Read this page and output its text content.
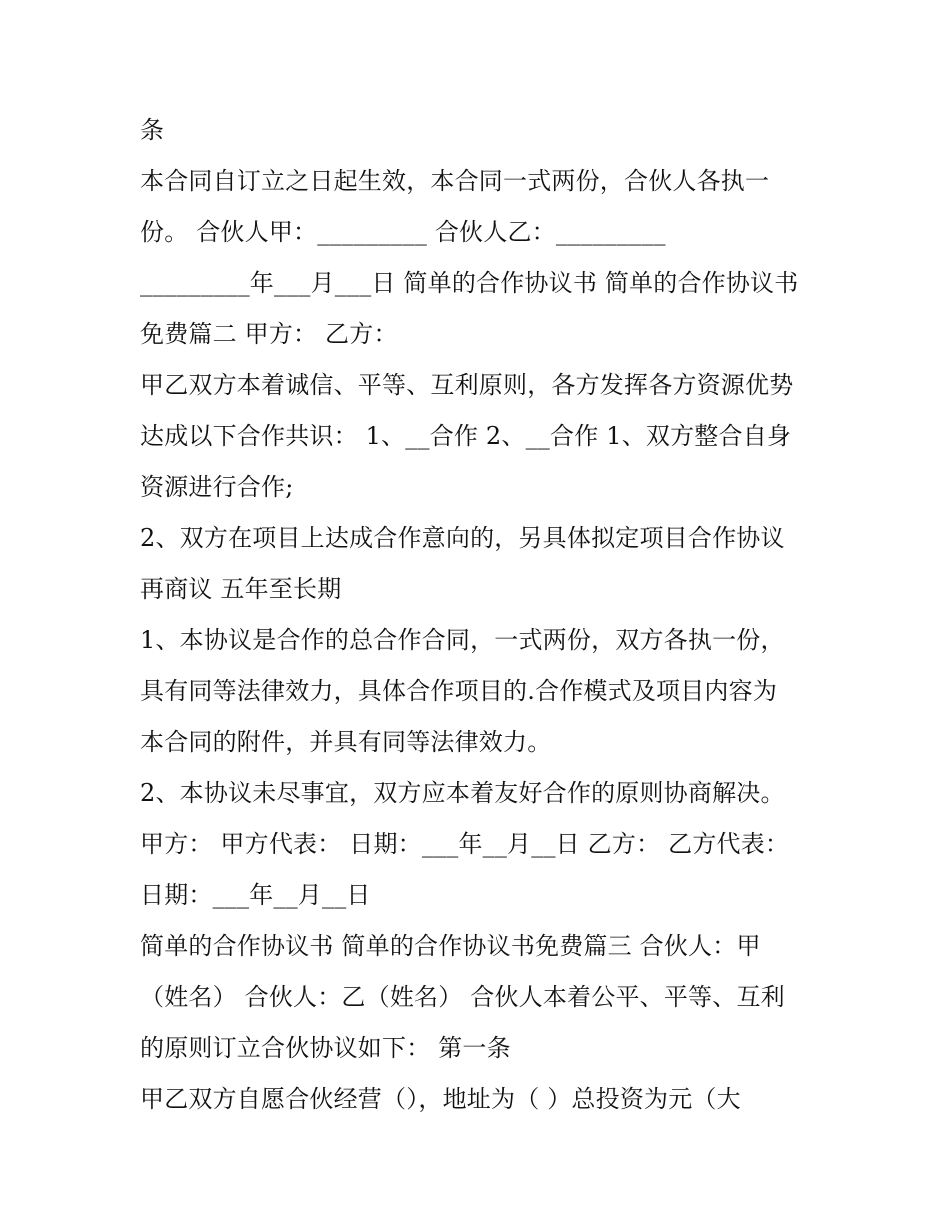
条
本合同自订立之日起生效，本合同一式两份，合伙人各执一
份。 合伙人甲：_________ 合伙人乙：_________
_________年___月___日 简单的合作协议书 简单的合作协议书
免费篇二 甲方： 乙方：
甲乙双方本着诚信、平等、互利原则，各方发挥各方资源优势
达成以下合作共识： 1、__合作 2、__合作 1、双方整合自身
资源进行合作;
2、双方在项目上达成合作意向的，另具体拟定项目合作协议
再商议 五年至长期
1、本协议是合作的总合作合同，一式两份，双方各执一份，
具有同等法律效力，具体合作项目的.合作模式及项目内容为
本合同的附件，并具有同等法律效力。
2、本协议未尽事宜，双方应本着友好合作的原则协商解决。
甲方： 甲方代表： 日期：___年__月__日 乙方： 乙方代表：
日期：___年__月__日
简单的合作协议书 简单的合作协议书免费篇三 合伙人：甲
（姓名） 合伙人：乙（姓名） 合伙人本着公平、平等、互利
的原则订立合伙协议如下： 第一条
甲乙双方自愿合伙经营（），地址为（ ）总投资为元（大
